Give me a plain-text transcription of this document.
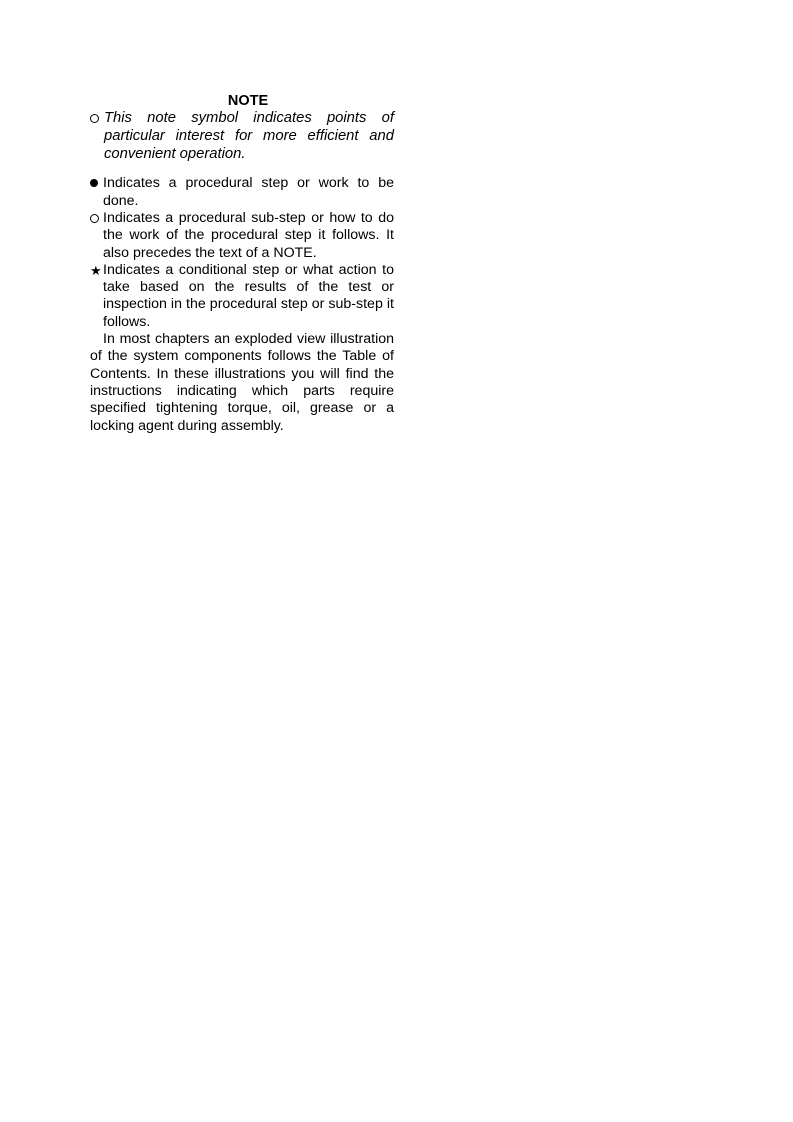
NOTE
This note symbol indicates points of particular interest for more efficient and convenient operation.
Indicates a procedural step or work to be done.
Indicates a procedural sub-step or how to do the work of the procedural step it follows. It also precedes the text of a NOTE.
★ Indicates a conditional step or what action to take based on the results of the test or inspection in the procedural step or sub-step it follows.
In most chapters an exploded view illustration of the system components follows the Table of Contents. In these illustrations you will find the instructions indicating which parts require specified tightening torque, oil, grease or a locking agent during assembly.
